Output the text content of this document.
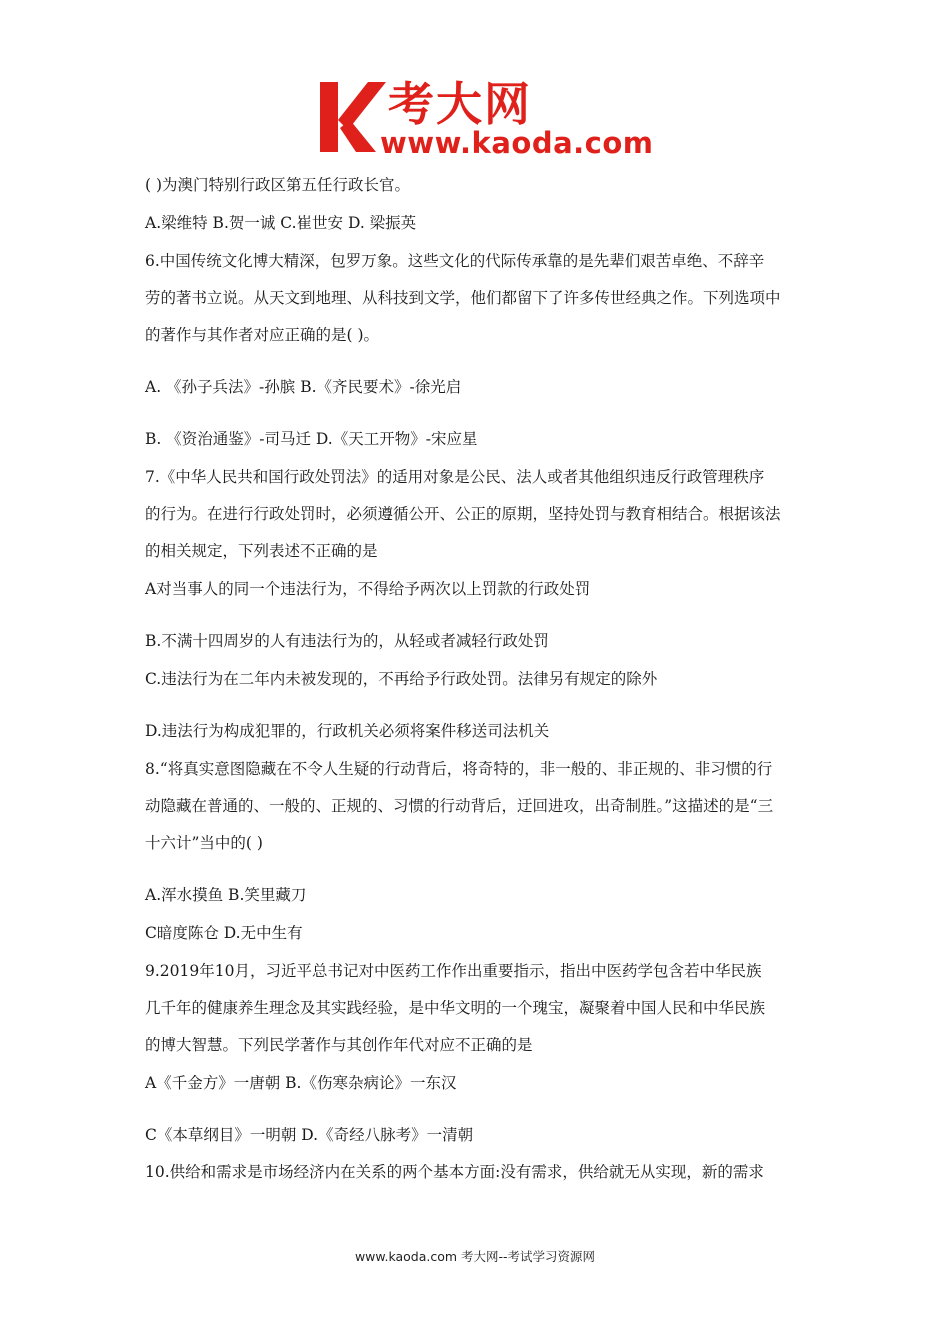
考大网
www.kaoda.com
( )为澳门特别行政区第五任行政长官。
A.梁维特 B.贺一诚 C.崔世安 D. 梁振英
6.中国传统文化博大精深，包罗万象。这些文化的代际传承靠的是先辈们艰苦卓绝、不辞辛
劳的著书立说。从天文到地理、从科技到文学，他们都留下了许多传世经典之作。下列选项中
的著作与其作者对应正确的是( )。
A. 《孙子兵法》-孙膑 B.《齐民要术》-徐光启
B. 《资治通鉴》-司马迁 D.《天工开物》-宋应星
7.《中华人民共和国行政处罚法》的适用对象是公民、法人或者其他组织违反行政管理秩序
的行为。在进行行政处罚时，必须遵循公开、公正的原期，坚持处罚与教育相结合。根据该法
的相关规定，下列表述不正确的是
A对当事人的同一个违法行为，不得给予两次以上罚款的行政处罚
B.不满十四周岁的人有违法行为的，从轻或者减轻行政处罚
C.违法行为在二年内未被发现的，不再给予行政处罚。法律另有规定的除外
D.违法行为构成犯罪的，行政机关必须将案件移送司法机关
8.“将真实意图隐藏在不令人生疑的行动背后，将奇特的，非一般的、非正规的、非习惯的行
动隐藏在普通的、一般的、正规的、习惯的行动背后，迂回进攻，出奇制胜。”这描述的是“三
十六计”当中的( )
A.浑水摸鱼 B.笑里藏刀
C暗度陈仓 D.无中生有
9.2019年10月，习近平总书记对中医药工作作出重要指示，指出中医药学包含若中华民族
几千年的健康养生理念及其实践经验，是中华文明的一个瑰宝，凝聚着中国人民和中华民族
的博大智慧。下列民学著作与其创作年代对应不正确的是
A《千金方》一唐朝 B.《伤寒杂病论》一东汉
C《本草纲目》一明朝 D.《奇经八脉考》一清朝
10.供给和需求是市场经济内在关系的两个基本方面:没有需求，供给就无从实现，新的需求
www.kaoda.com 考大网--考试学习资源网
